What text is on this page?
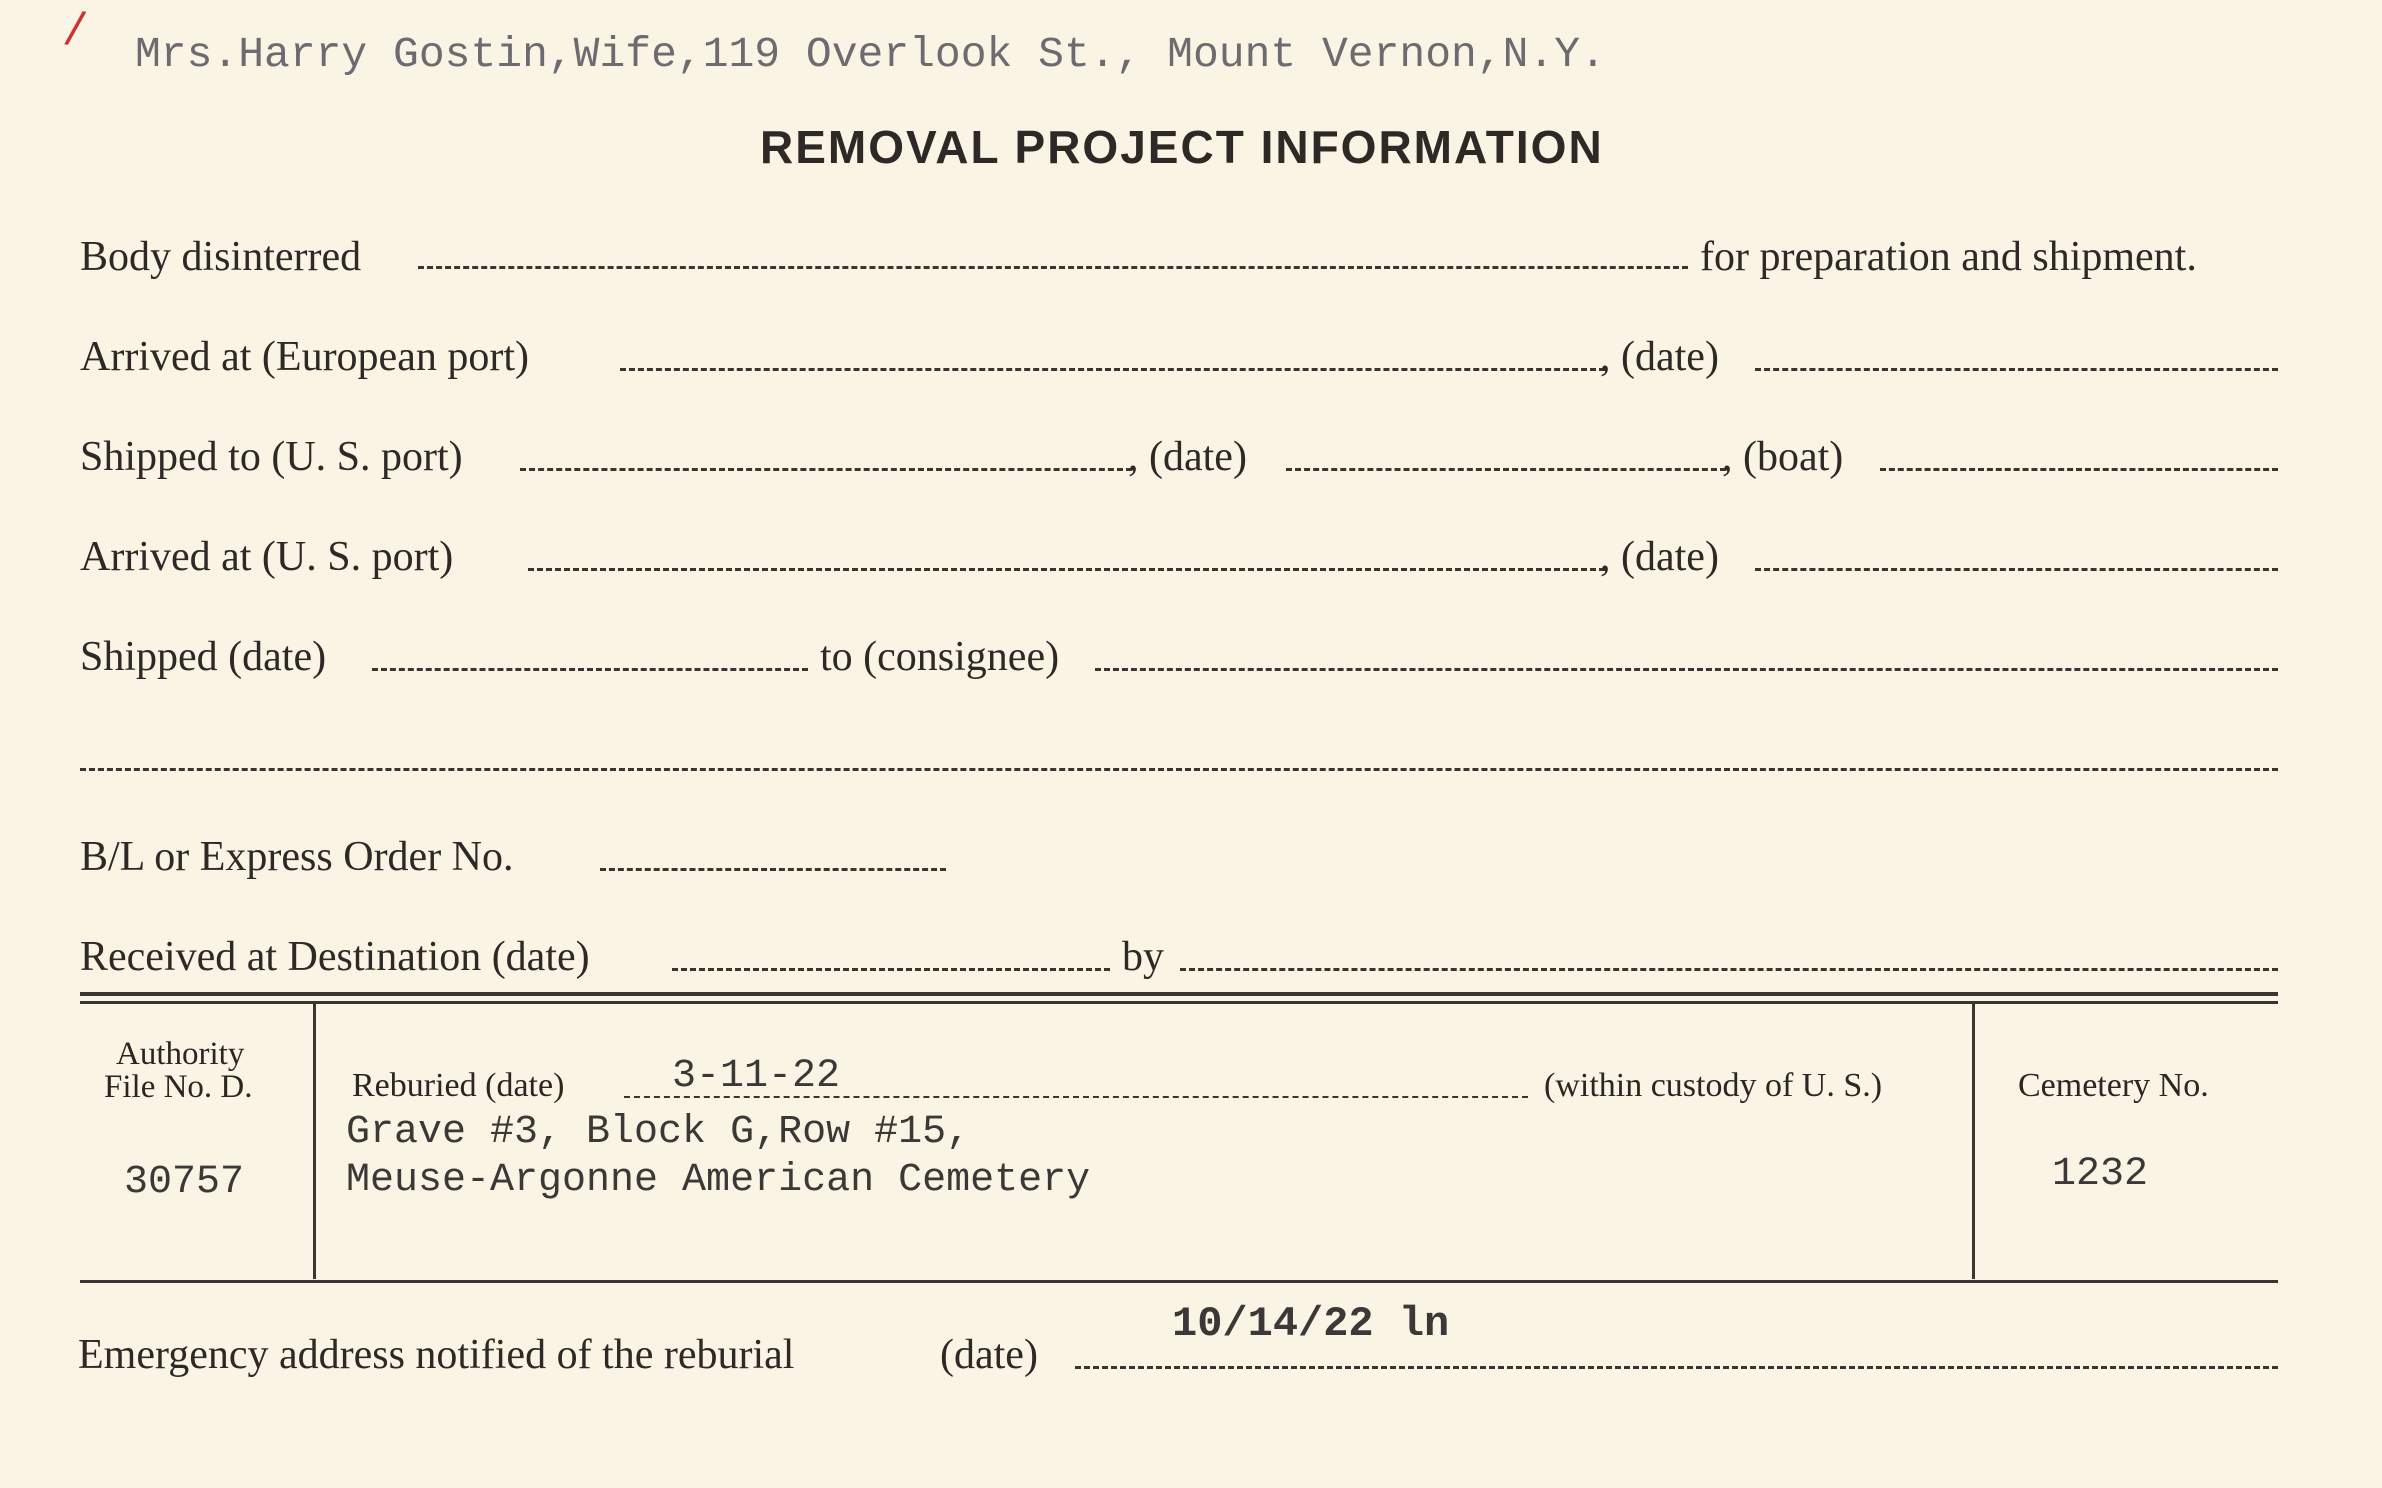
/
Mrs.Harry Gostin,Wife,119 Overlook St., Mount Vernon,N.Y.
REMOVAL PROJECT INFORMATION
Body disinterred	for preparation and shipment.
Arrived at (European port)	, (date)
Shipped to (U. S. port)	, (date)	, (boat)
Arrived at (U. S. port)	, (date)
Shipped (date)	to (consignee)
B/L or Express Order No.
Received at Destination (date)	by
Authority
File No. D.
30757
Reburied (date)	3-11-22	(within custody of U. S.)
Grave #3, Block G,Row #15,
Meuse-Argonne American Cemetery
Cemetery No.
1232
Emergency address notified of the reburial	(date)
10/14/22 ln
